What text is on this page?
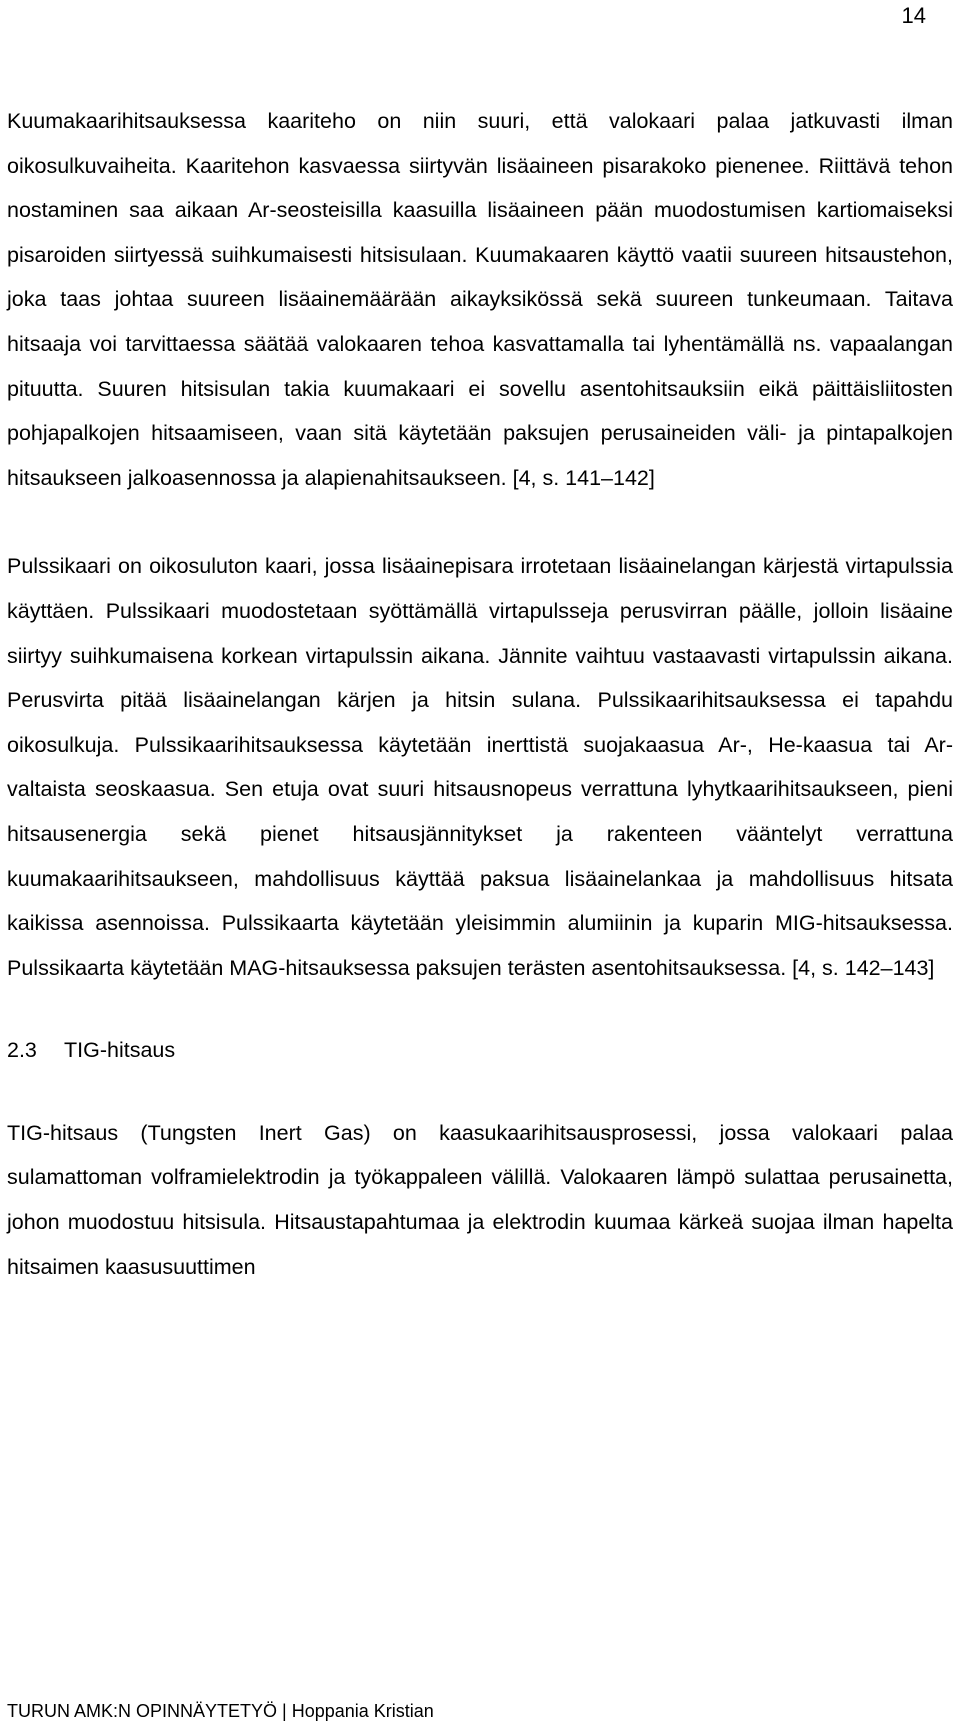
14

Kuumakaarihitsauksessa kaariteho on niin suuri, että valokaari palaa jatkuvasti ilman oikosulkuvaiheita. Kaaritehon kasvaessa siirtyvän lisäaineen pisarakoko pienenee. Riittävä tehon nostaminen saa aikaan Ar-seosteisilla kaasuilla lisäaineen pään muodostumisen kartiomaiseksi pisaroiden siirtyessä suihkumaisesti hitsisulaan. Kuumakaaren käyttö vaatii suureen hitsaustehon, joka taas johtaa suureen lisäainemäärään aikayksikössä sekä suureen tunkeumaan. Taitava hitsaaja voi tarvittaessa säätää valokaaren tehoa kasvattamalla tai lyhentämällä ns. vapaalangan pituutta. Suuren hitsisulan takia kuumakaari ei sovellu asentohitsauksiin eikä päittäisliitosten pohjapalkojen hitsaamiseen, vaan sitä käytetään paksujen perusaineiden väli- ja pintapalkojen hitsaukseen jalkoasennossa ja alapienahitsaukseen. [4, s. 141–142]

Pulssikaari on oikosuluton kaari, jossa lisäainepisara irrotetaan lisäainelangan kärjestä virtapulssia käyttäen. Pulssikaari muodostetaan syöttämällä virtapulsseja perusvirran päälle, jolloin lisäaine siirtyy suihkumaisena korkean virtapulssin aikana. Jännite vaihtuu vastaavasti virtapulssin aikana. Perusvirta pitää lisäainelangan kärjen ja hitsin sulana. Pulssikaarihitsauksessa ei tapahdu oikosulkuja. Pulssikaarihitsauksessa käytetään inerttistä suojakaasua Ar-, He-kaasua tai Ar- valtaista seoskaasua. Sen etuja ovat suuri hitsausnopeus verrattuna lyhytkaarihitsaukseen, pieni hitsausenergia sekä pienet hitsausjännitykset ja rakenteen vääntelyt verrattuna kuumakaarihitsaukseen, mahdollisuus käyttää paksua lisäainelankaa ja mahdollisuus hitsata kaikissa asennoissa. Pulssikaarta käytetään yleisimmin alumiinin ja kuparin MIG-hitsauksessa. Pulssikaarta käytetään MAG-hitsauksessa paksujen terästen asentohitsauksessa. [4, s. 142–143]

2.3 TIG-hitsaus

TIG-hitsaus (Tungsten Inert Gas) on kaasukaarihitsausprosessi, jossa valokaari palaa sulamattoman volframielektrodin ja työkappaleen välillä. Valokaaren lämpö sulattaa perusainetta, johon muodostuu hitsisula. Hitsaustapahtumaa ja elektrodin kuumaa kärkeä suojaa ilman hapelta hitsaimen kaasusuuttimen

TURUN AMK:N OPINNÄYTETYÖ | Hoppania Kristian
